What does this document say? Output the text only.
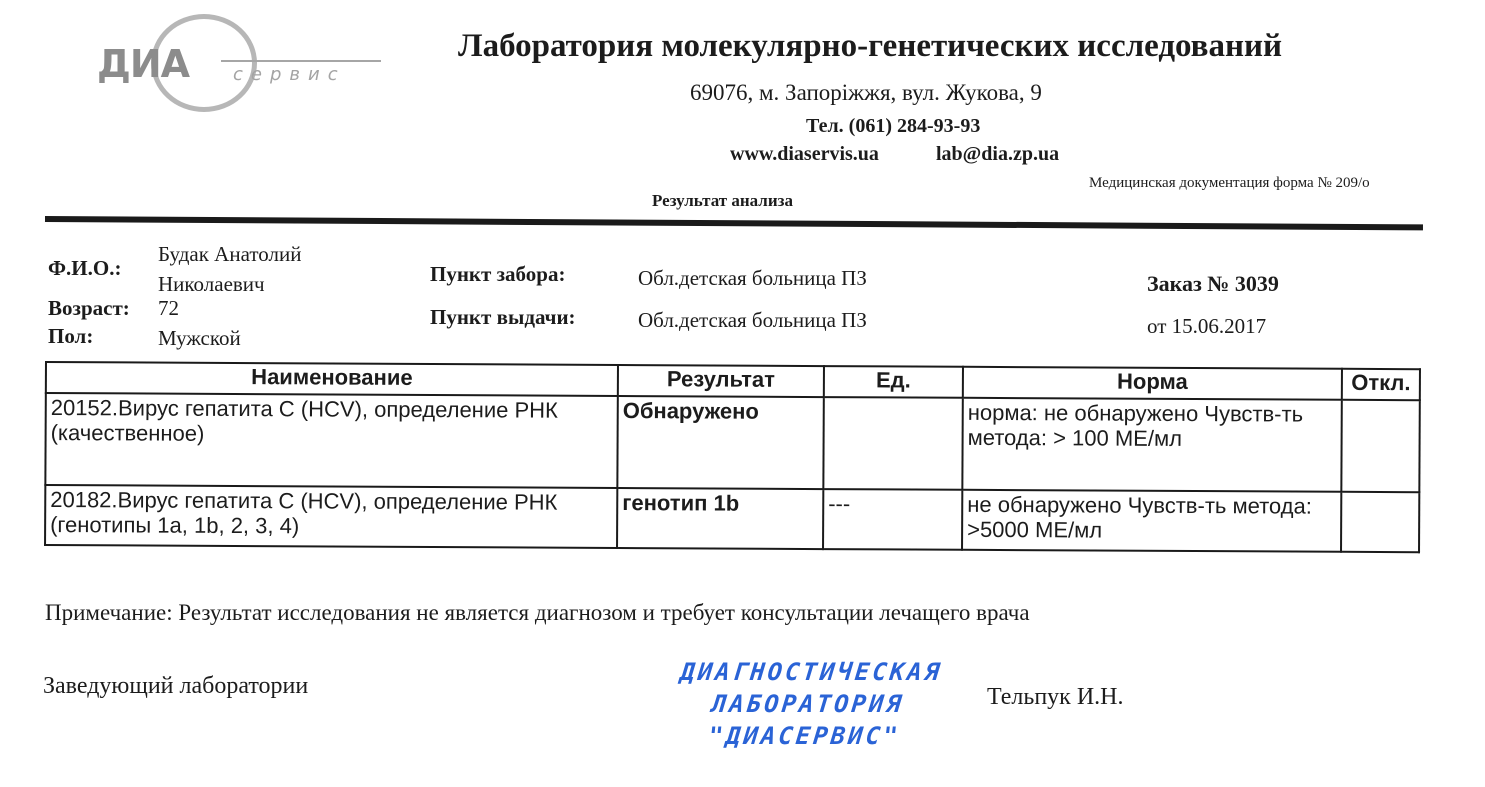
ДИА сервис
Лаборатория молекулярно-генетических исследований
69076, м. Запоріжжя, вул. Жукова, 9
Тел. (061) 284-93-93
www.diaservis.ua	lab@dia.zp.ua
Медицинская документация форма № 209/о
Результат анализа
Ф.И.О.:
Будак Анатолий
Николаевич
Возраст: 72
Пол:	Мужской
Пункт забора:	Обл.детская больница ПЗ
Пункт выдачи:	Обл.детская больница ПЗ
Заказ № 3039
от 15.06.2017
Наименование	Результат	Ед.	Норма	Откл.
20152.Вирус гепатита С (HCV), определение РНК (качественное)	Обнаружено		норма: не обнаружено Чувств-ть метода: > 100 МЕ/мл	
20182.Вирус гепатита С (HCV), определение РНК (генотипы 1a, 1b, 2, 3, 4)	генотип 1b	---	не обнаружено Чувств-ть метода: >5000 МЕ/мл	
Примечание: Результат исследования не является диагнозом и требует консультации лечащего врача
Заведующий лаборатории	Тельпук И.Н.
ДИАГНОСТИЧЕСКАЯ
ЛАБОРАТОРИЯ
"ДИАСЕРВИС"
